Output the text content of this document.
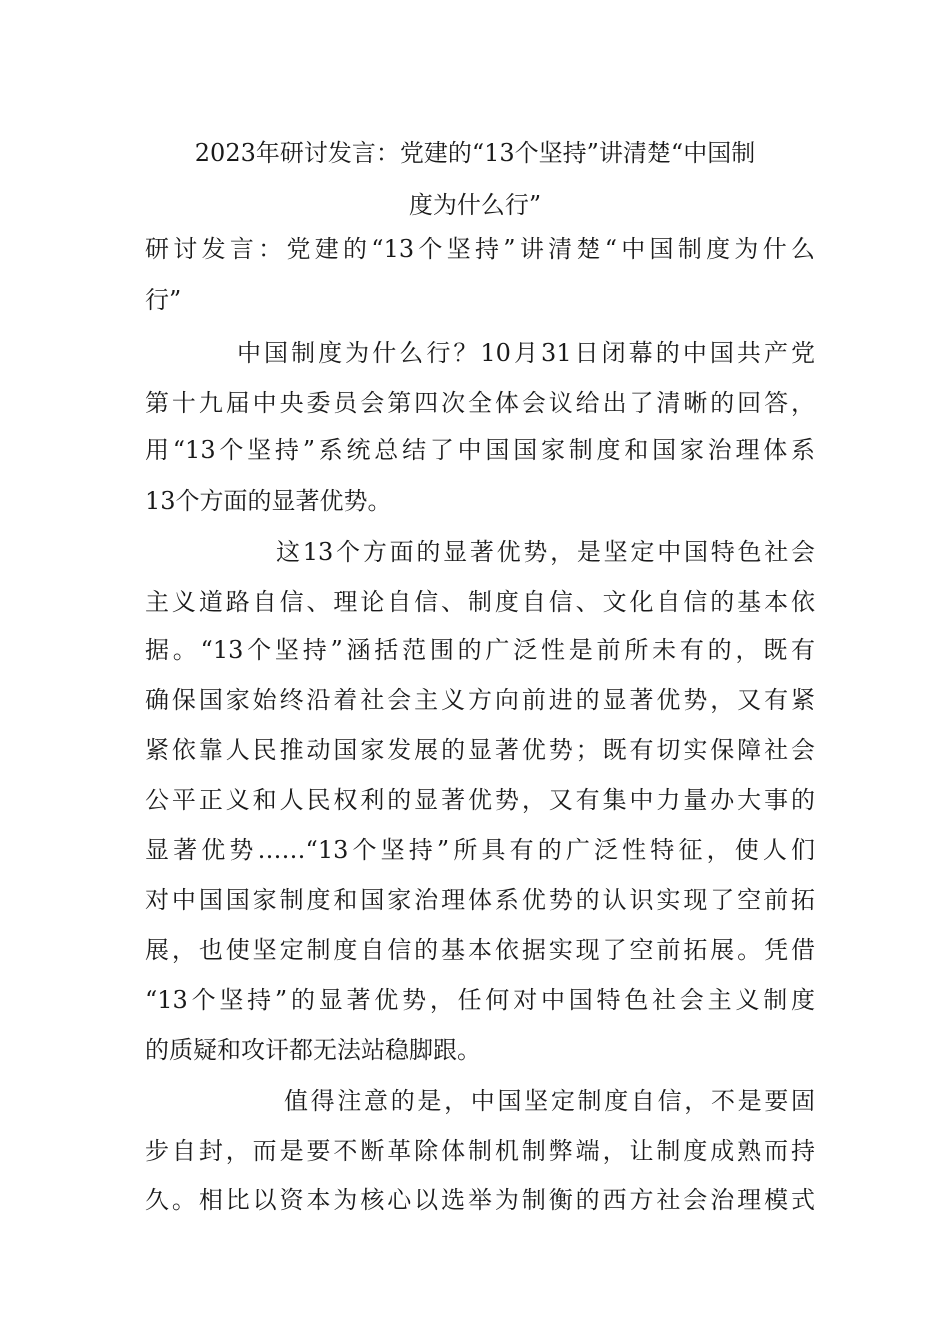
2023年研讨发言：党建的“13个坚持”讲清楚“中国制
度为什么行”

研讨发言：党建的“13个坚持”讲清楚“中国制度为什么

行”

中国制度为什么行？10月31日闭幕的中国共产党

第十九届中央委员会第四次全体会议给出了清晰的回答，

用“13个坚持”系统总结了中国国家制度和国家治理体系

13个方面的显著优势。

这13个方面的显著优势，是坚定中国特色社会

主义道路自信、理论自信、制度自信、文化自信的基本依

据。“13个坚持”涵括范围的广泛性是前所未有的，既有

确保国家始终沿着社会主义方向前进的显著优势，又有紧

紧依靠人民推动国家发展的显著优势；既有切实保障社会

公平正义和人民权利的显著优势，又有集中力量办大事的

显著优势……“13个坚持”所具有的广泛性特征，使人们

对中国国家制度和国家治理体系优势的认识实现了空前拓

展，也使坚定制度自信的基本依据实现了空前拓展。凭借

“13个坚持”的显著优势，任何对中国特色社会主义制度

的质疑和攻讦都无法站稳脚跟。

值得注意的是，中国坚定制度自信，不是要固

步自封，而是要不断革除体制机制弊端，让制度成熟而持

久。相比以资本为核心以选举为制衡的西方社会治理模式
